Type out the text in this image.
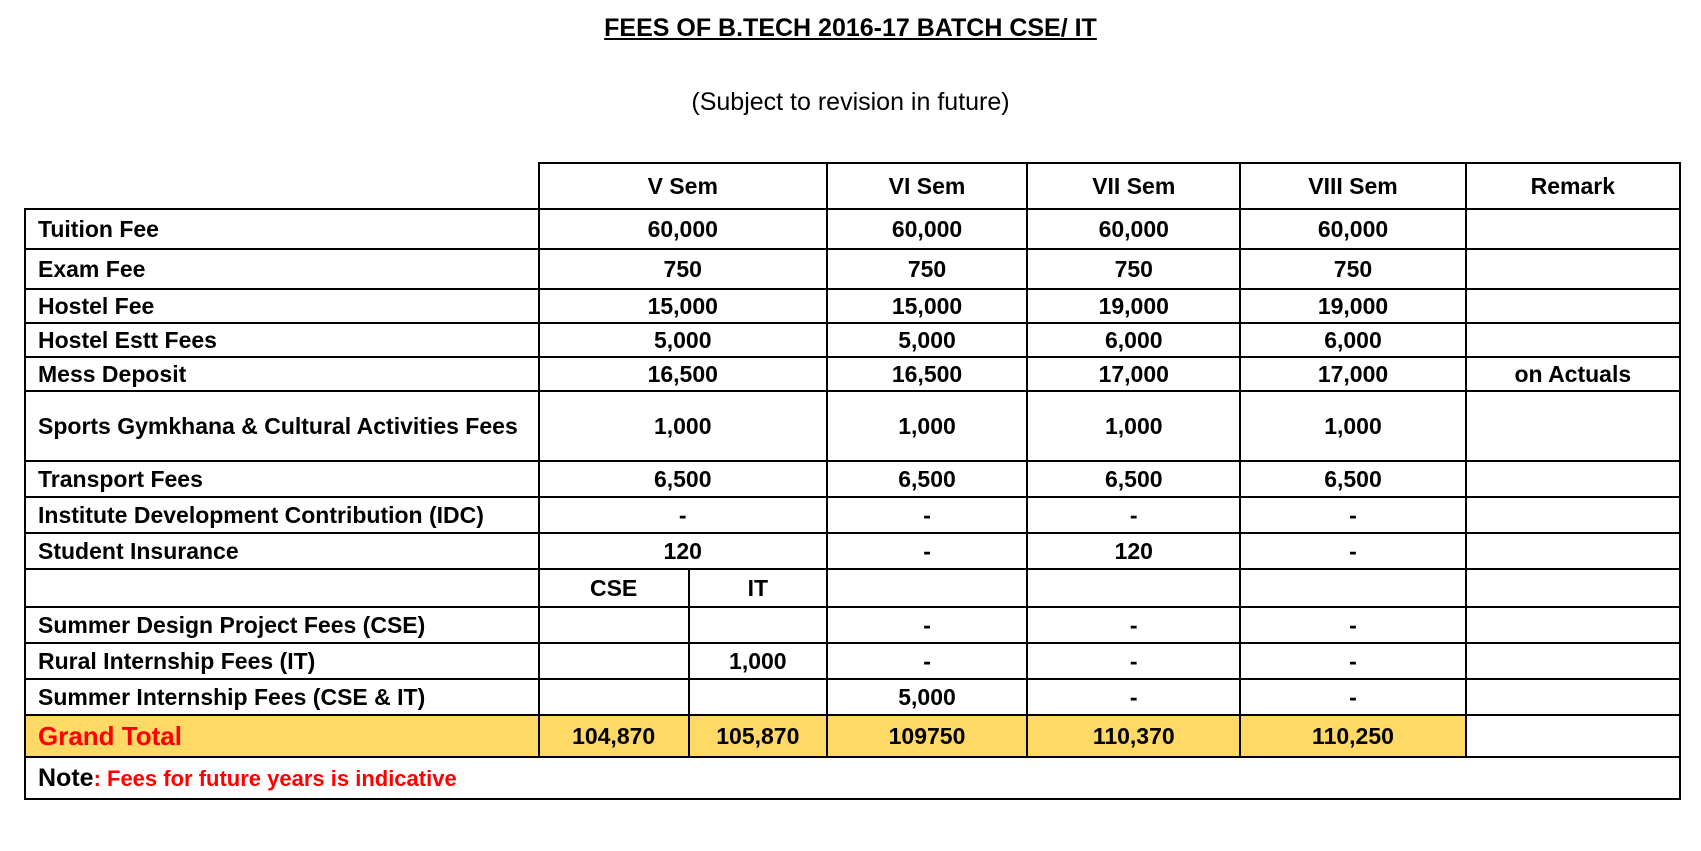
FEES OF B.TECH 2016-17 BATCH CSE/ IT
(Subject to revision in future)
	V Sem		VI Sem	VII Sem	VIII Sem	Remark
Tuition Fee	60,000		60,000	60,000	60,000	
Exam Fee	750		750	750	750	
Hostel Fee	15,000		15,000	19,000	19,000	
Hostel Estt Fees	5,000		5,000	6,000	6,000	
Mess Deposit	16,500		16,500	17,000	17,000	on Actuals
Sports Gymkhana & Cultural Activities Fees	1,000		1,000	1,000	1,000	
Transport Fees	6,500		6,500	6,500	6,500	
Institute Development Contribution (IDC)	-		-	-	-	
Student Insurance	120		-	120	-	
	CSE	IT				
Summer Design Project Fees (CSE)			-	-	-	
Rural Internship Fees (IT)		1,000	-	-	-	
Summer Internship Fees (CSE & IT)			5,000	-	-	
Grand Total	104,870	105,870	109750	110,370	110,250	
Note: Fees for future years is indicative						
